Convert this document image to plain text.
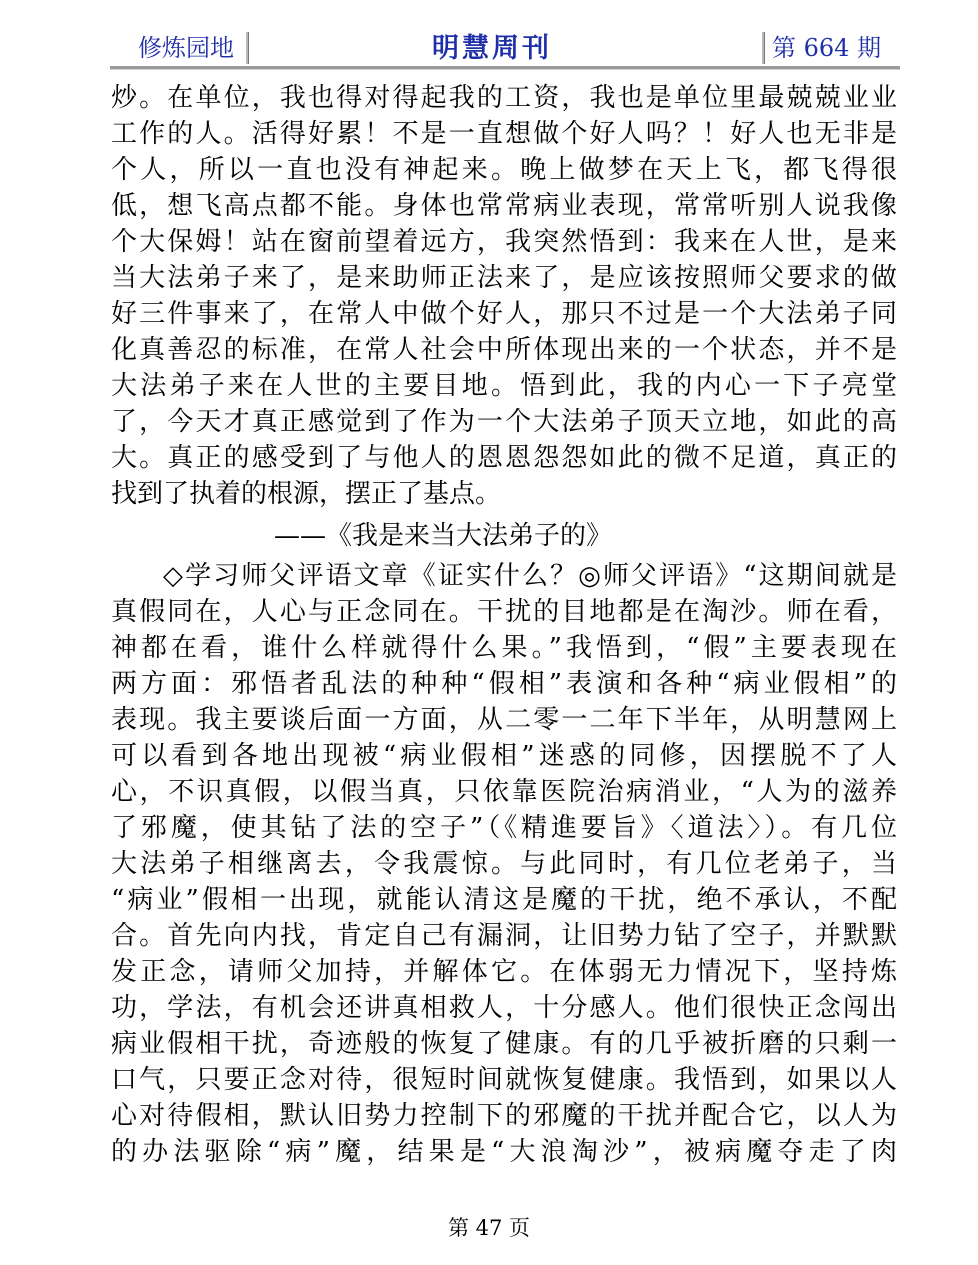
修炼园地	明慧周刊	第 664 期
炒。在单位，我也得对得起我的工资，我也是单位里最兢兢业业
工作的人。活得好累！不是一直想做个好人吗？！好人也无非是
个人，所以一直也没有神起来。晚上做梦在天上飞，都飞得很
低，想飞高点都不能。身体也常常病业表现，常常听别人说我像
个大保姆！站在窗前望着远方，我突然悟到：我来在人世，是来
当大法弟子来了，是来助师正法来了，是应该按照师父要求的做
好三件事来了，在常人中做个好人，那只不过是一个大法弟子同
化真善忍的标准，在常人社会中所体现出来的一个状态，并不是
大法弟子来在人世的主要目地。悟到此，我的内心一下子亮堂
了，今天才真正感觉到了作为一个大法弟子顶天立地，如此的高
大。真正的感受到了与他人的恩恩怨怨如此的微不足道，真正的
找到了执着的根源，摆正了基点。
——《我是来当大法弟子的》
◇学习师父评语文章《证实什么？◎师父评语》“这期间就是
真假同在，人心与正念同在。干扰的目地都是在淘沙。师在看，
神都在看，谁什么样就得什么果。”我悟到，“假”主要表现在
两方面：邪悟者乱法的种种“假相”表演和各种“病业假相”的
表现。我主要谈后面一方面，从二零一二年下半年，从明慧网上
可以看到各地出现被“病业假相”迷惑的同修，因摆脱不了人
心，不识真假，以假当真，只依靠医院治病消业，“人为的滋养
了邪魔，使其钻了法的空子”（《精進要旨》〈道法〉）。有几位
大法弟子相继离去，令我震惊。与此同时，有几位老弟子，当
“病业”假相一出现，就能认清这是魔的干扰，绝不承认，不配
合。首先向内找，肯定自己有漏洞，让旧势力钻了空子，并默默
发正念，请师父加持，并解体它。在体弱无力情况下，坚持炼
功，学法，有机会还讲真相救人，十分感人。他们很快正念闯出
病业假相干扰，奇迹般的恢复了健康。有的几乎被折磨的只剩一
口气，只要正念对待，很短时间就恢复健康。我悟到，如果以人
心对待假相，默认旧势力控制下的邪魔的干扰并配合它，以人为
的办法驱除“病”魔，结果是“大浪淘沙”，被病魔夺走了肉
第 47 页
